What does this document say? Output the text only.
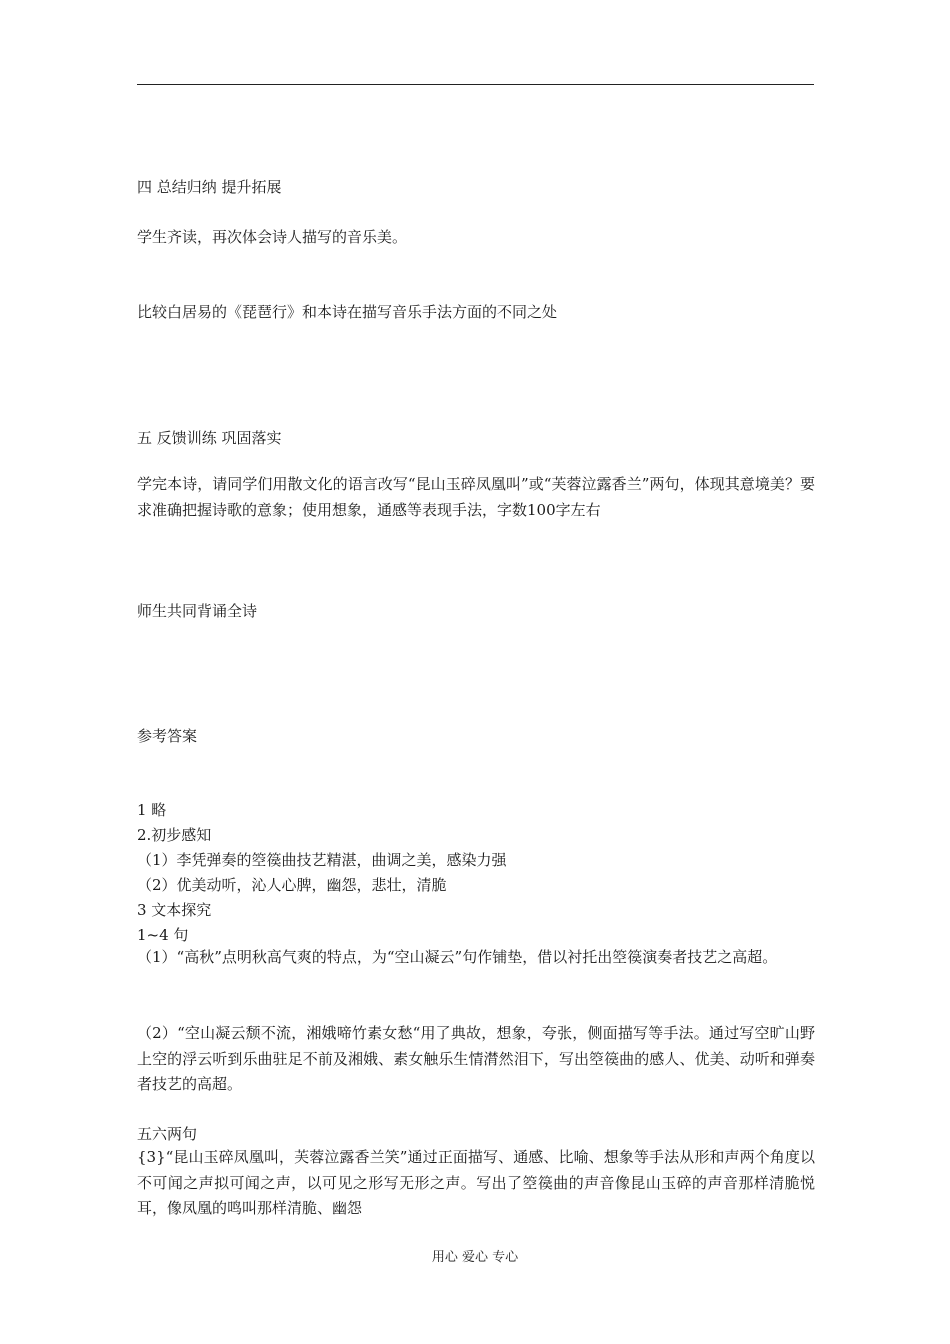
四 总结归纳 提升拓展
学生齐读，再次体会诗人描写的音乐美。
比较白居易的《琵琶行》和本诗在描写音乐手法方面的不同之处
五 反馈训练 巩固落实
学完本诗，请同学们用散文化的语言改写“昆山玉碎凤凰叫”或“芙蓉泣露香兰”两句，体现其意境美？要求准确把握诗歌的意象；使用想象，通感等表现手法，字数100字左右
师生共同背诵全诗
参考答案
1 略
2.初步感知
（1）李凭弹奏的箜篌曲技艺精湛，曲调之美，感染力强
（2）优美动听，沁人心脾，幽怨，悲壮，清脆
3 文本探究
1~4 句
（1）“高秋”点明秋高气爽的特点，为“空山凝云”句作铺垫，借以衬托出箜篌演奏者技艺之高超。
（2）“空山凝云颓不流，湘娥啼竹素女愁“用了典故，想象，夸张，侧面描写等手法。通过写空旷山野上空的浮云听到乐曲驻足不前及湘娥、素女触乐生情潸然泪下，写出箜篌曲的感人、优美、动听和弹奏者技艺的高超。
五六两句
{3}“昆山玉碎凤凰叫，芙蓉泣露香兰笑”通过正面描写、通感、比喻、想象等手法从形和声两个角度以不可闻之声拟可闻之声，以可见之形写无形之声。写出了箜篌曲的声音像昆山玉碎的声音那样清脆悦耳，像凤凰的鸣叫那样清脆、幽怨
用心 爱心 专心
